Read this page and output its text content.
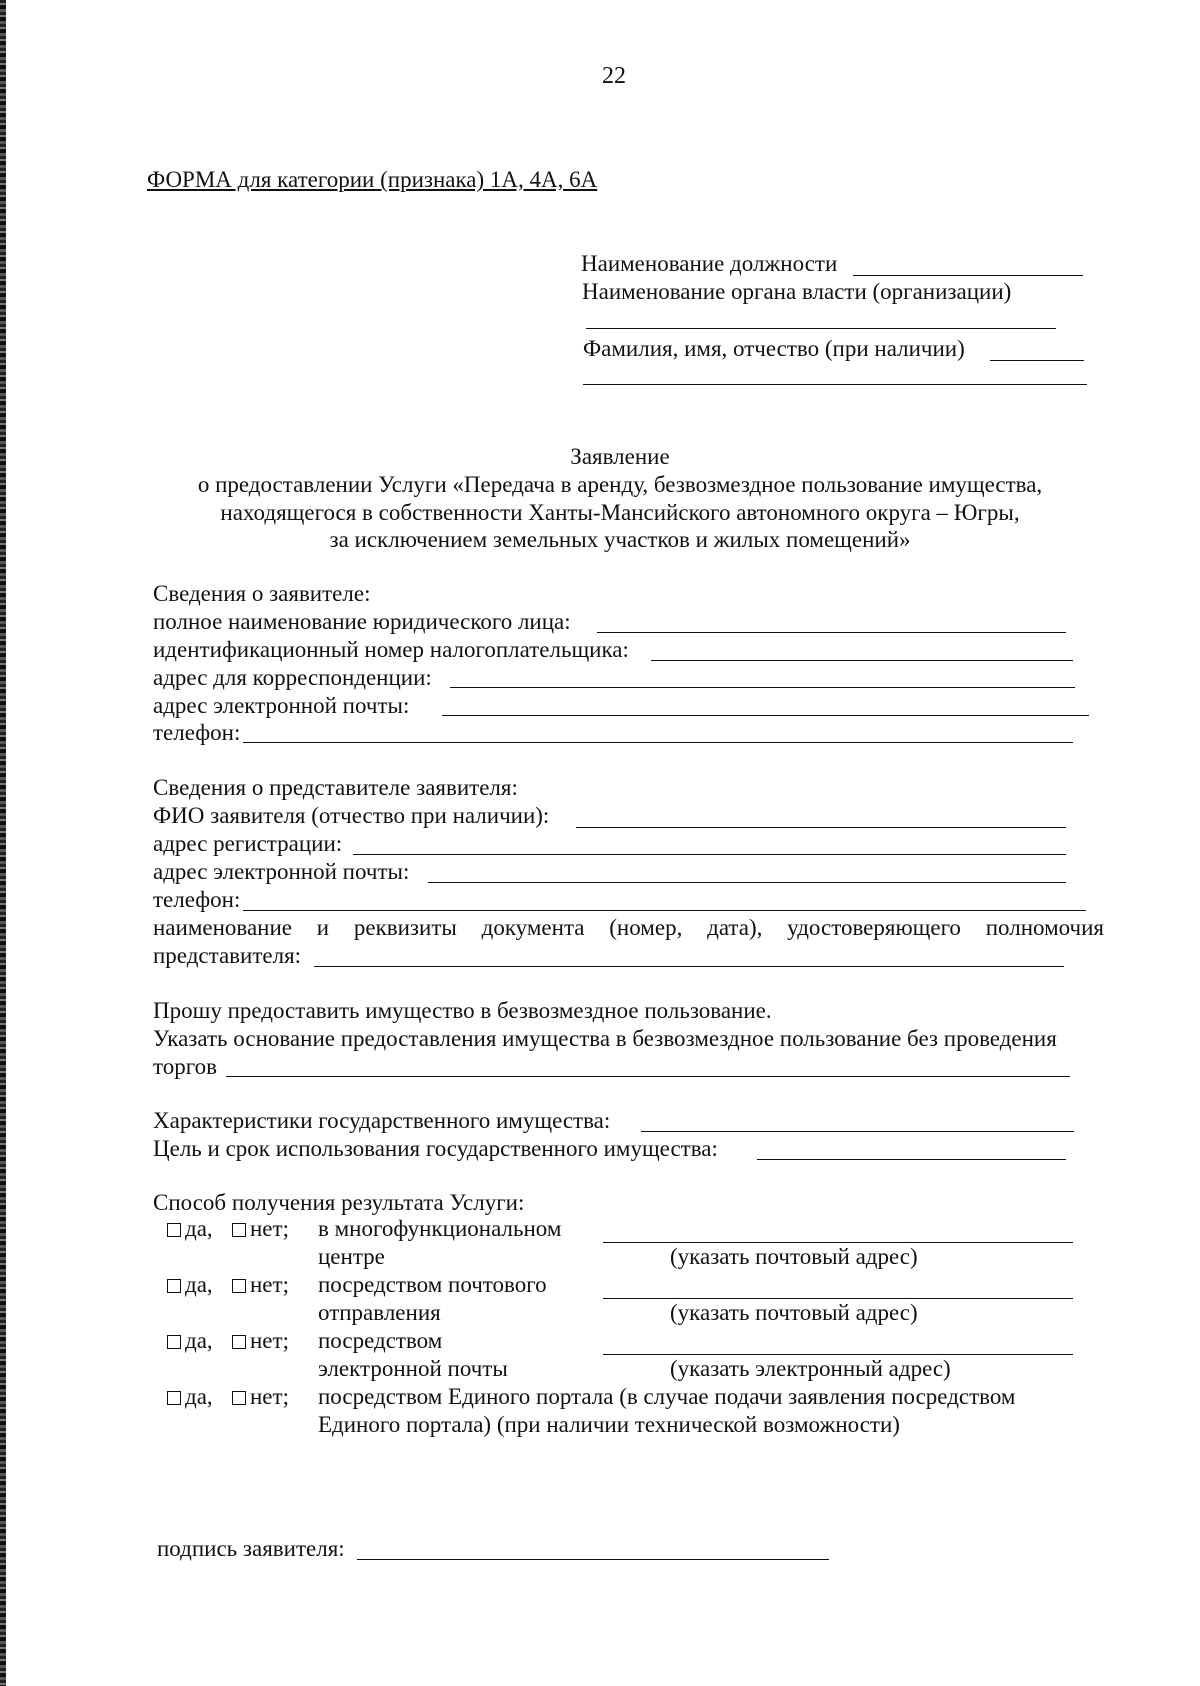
22
ФОРМА для категории (признака) 1А, 4А, 6А
Наименование должности
Наименование органа власти (организации)
Фамилия, имя, отчество (при наличии)
Заявление
о предоставлении Услуги «Передача в аренду, безвозмездное пользование имущества,
находящегося в собственности Ханты-Мансийского автономного округа – Югры,
за исключением земельных участков и жилых помещений»
Сведения о заявителе:
полное наименование юридического лица:
идентификационный номер налогоплательщика:
адрес для корреспонденции:
адрес электронной почты:
телефон:
Сведения о представителе заявителя:
ФИО заявителя (отчество при наличии):
адрес регистрации:
адрес электронной почты:
телефон:
наименование и реквизиты документа (номер, дата), удостоверяющего полномочия
представителя:
Прошу предоставить имущество в безвозмездное пользование.
Указать основание предоставления имущества в безвозмездное пользование без проведения
торгов
Характеристики государственного имущества:
Цель и срок использования государственного имущества:
Способ получения результата Услуги:
да, нет; в многофункциональном
центре	(указать почтовый адрес)
да, нет; посредством почтового
отправления	(указать почтовый адрес)
да, нет; посредством
электронной почты	(указать электронный адрес)
да, нет; посредством Единого портала (в случае подачи заявления посредством
Единого портала) (при наличии технической возможности)
подпись заявителя:
